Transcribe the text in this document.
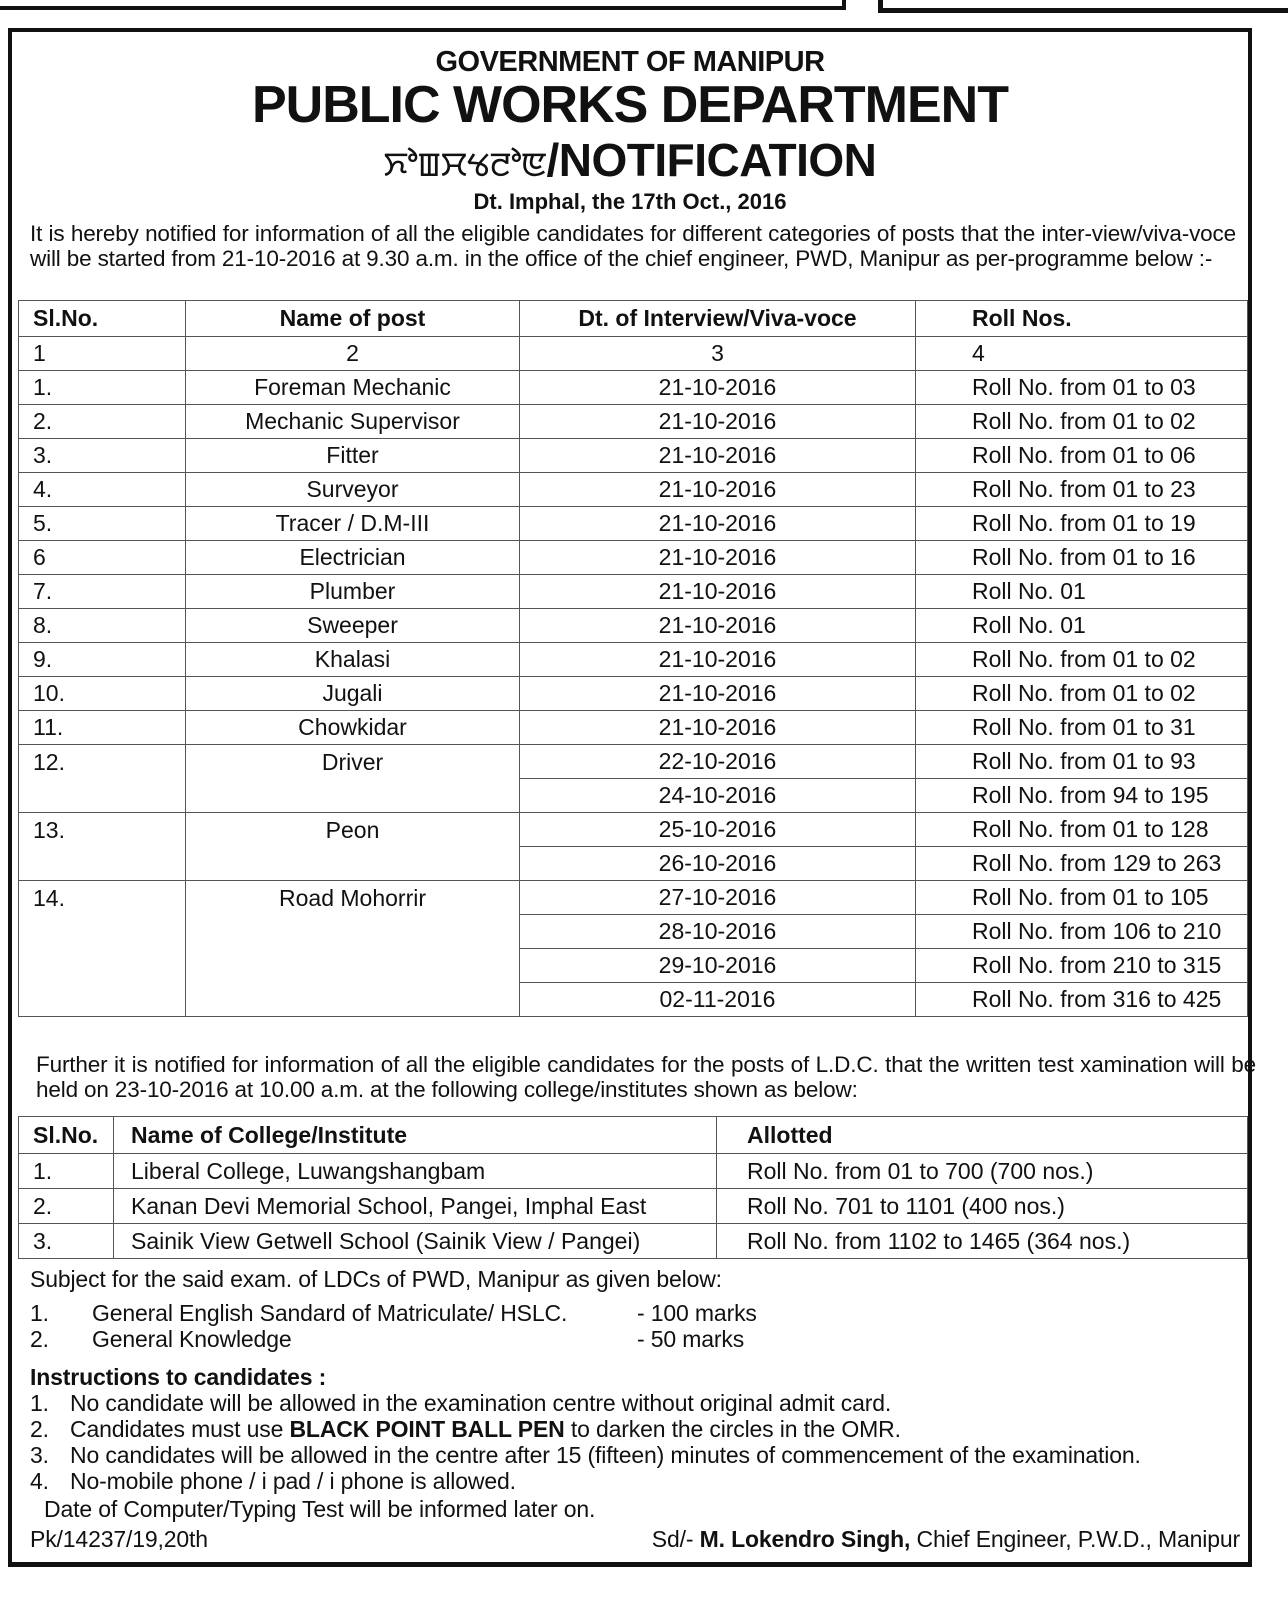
GOVERNMENT OF MANIPUR
PUBLIC WORKS DEPARTMENT
ꯈꯣꯡꯆꯠꯂꯣꯟ/NOTIFICATION
Dt. Imphal, the 17th Oct., 2016
It is hereby notified for information of all the eligible candidates for different categories of posts that the inter-view/viva-voce will be started from 21-10-2016 at 9.30 a.m. in the office of the chief engineer, PWD, Manipur as per-programme below :-
Sl.No.	Name of post	Dt. of Interview/Viva-voce	Roll Nos.
1	2	3	4
1.	Foreman Mechanic	21-10-2016	Roll No. from 01 to 03
2.	Mechanic Supervisor	21-10-2016	Roll No. from 01 to 02
3.	Fitter	21-10-2016	Roll No. from 01 to 06
4.	Surveyor	21-10-2016	Roll No. from 01 to 23
5.	Tracer / D.M-III	21-10-2016	Roll No. from 01 to 19
6	Electrician	21-10-2016	Roll No. from 01 to 16
7.	Plumber	21-10-2016	Roll No. 01
8.	Sweeper	21-10-2016	Roll No. 01
9.	Khalasi	21-10-2016	Roll No. from 01 to 02
10.	Jugali	21-10-2016	Roll No. from 01 to 02
11.	Chowkidar	21-10-2016	Roll No. from 01 to 31
12.	Driver	22-10-2016	Roll No. from 01 to 93
		24-10-2016	Roll No. from 94 to 195
13.	Peon	25-10-2016	Roll No. from 01 to 128
		26-10-2016	Roll No. from 129 to 263
14.	Road Mohorrir	27-10-2016	Roll No. from 01 to 105
		28-10-2016	Roll No. from 106 to 210
		29-10-2016	Roll No. from 210 to 315
		02-11-2016	Roll No. from 316 to 425
Further it is notified for information of all the eligible candidates for the posts of L.D.C. that the written test xamination will be held on 23-10-2016 at 10.00 a.m. at the following college/institutes shown as below:
Sl.No.	Name of College/Institute	Allotted
1.	Liberal College, Luwangshangbam	Roll No. from 01 to 700 (700 nos.)
2.	Kanan Devi Memorial School, Pangei, Imphal East	Roll No. 701 to 1101 (400 nos.)
3.	Sainik View Getwell School (Sainik View / Pangei)	Roll No. from 1102 to 1465 (364 nos.)
Subject for the said exam. of LDCs of PWD, Manipur as given below:
1.	General English Sandard of Matriculate/ HSLC.	- 100 marks
2.	General Knowledge	- 50 marks
Instructions to candidates :
1. No candidate will be allowed in the examination centre without original admit card.
2. Candidates must use BLACK POINT BALL PEN to darken the circles in the OMR.
3. No candidates will be allowed in the centre after 15 (fifteen) minutes of commencement of the examination.
4. No-mobile phone / i pad / i phone is allowed.
Date of Computer/Typing Test will be informed later on.
Pk/14237/19,20th	Sd/- M. Lokendro Singh, Chief Engineer, P.W.D., Manipur
